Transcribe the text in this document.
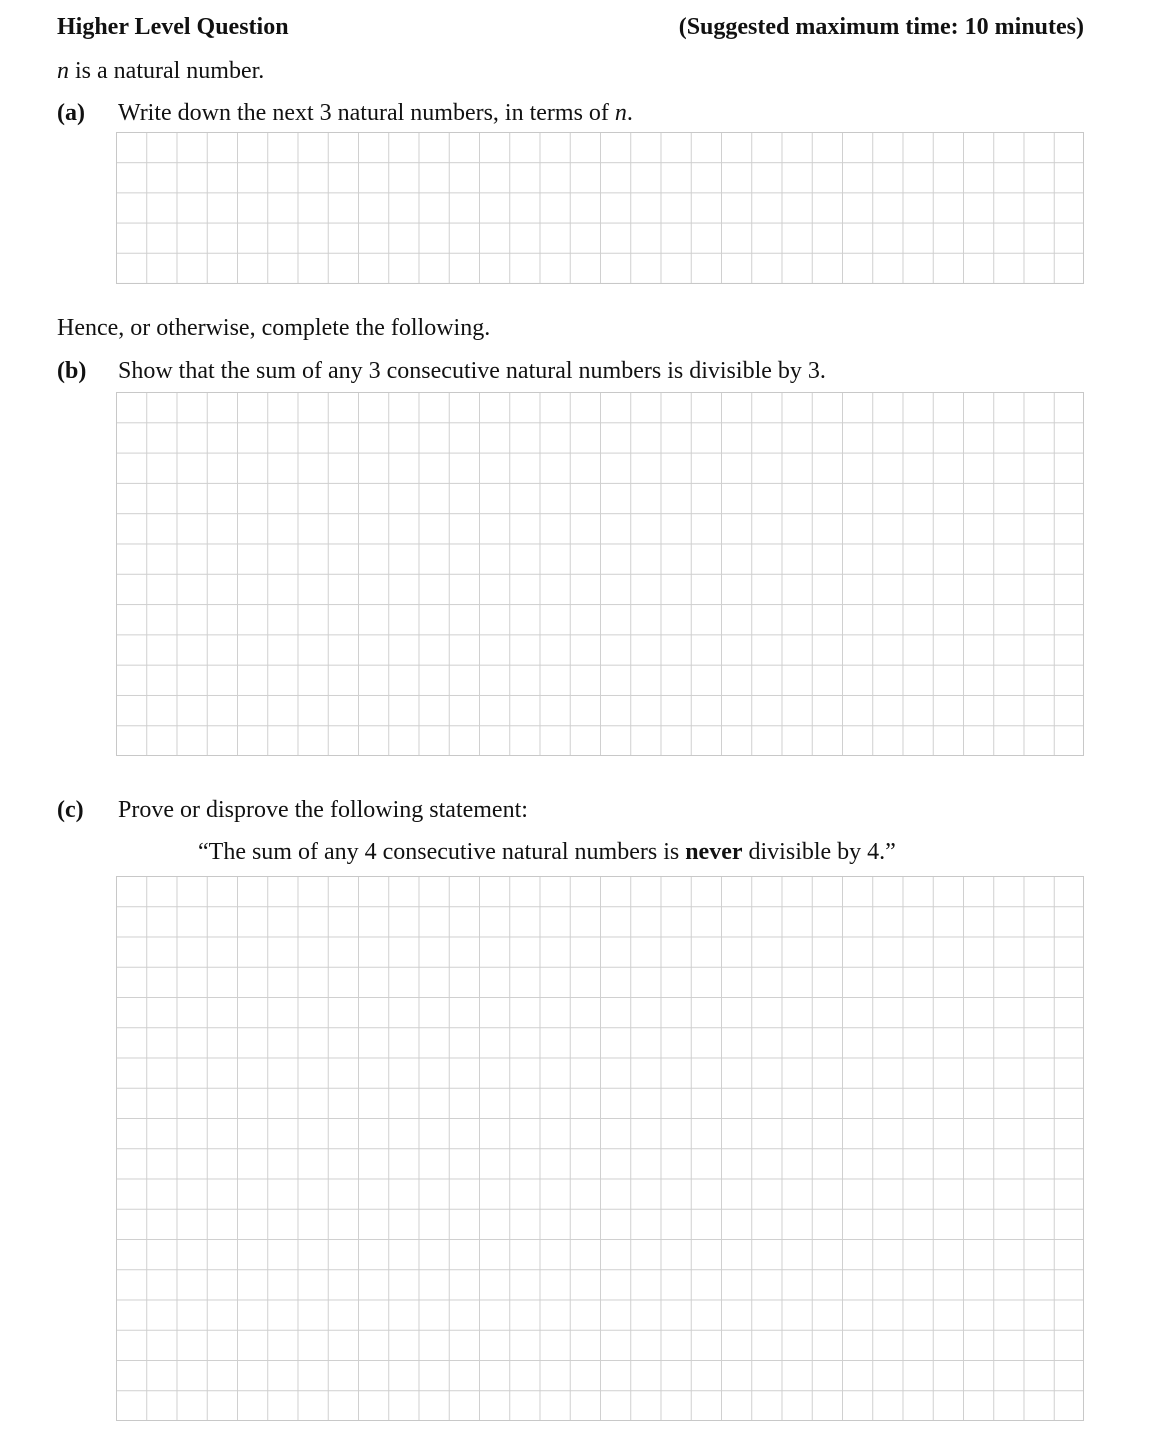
Higher Level Question	(Suggested maximum time: 10 minutes)
n is a natural number.
(a) Write down the next 3 natural numbers, in terms of n.
Hence, or otherwise, complete the following.
(b) Show that the sum of any 3 consecutive natural numbers is divisible by 3.
(c) Prove or disprove the following statement:
“The sum of any 4 consecutive natural numbers is never divisible by 4.”
